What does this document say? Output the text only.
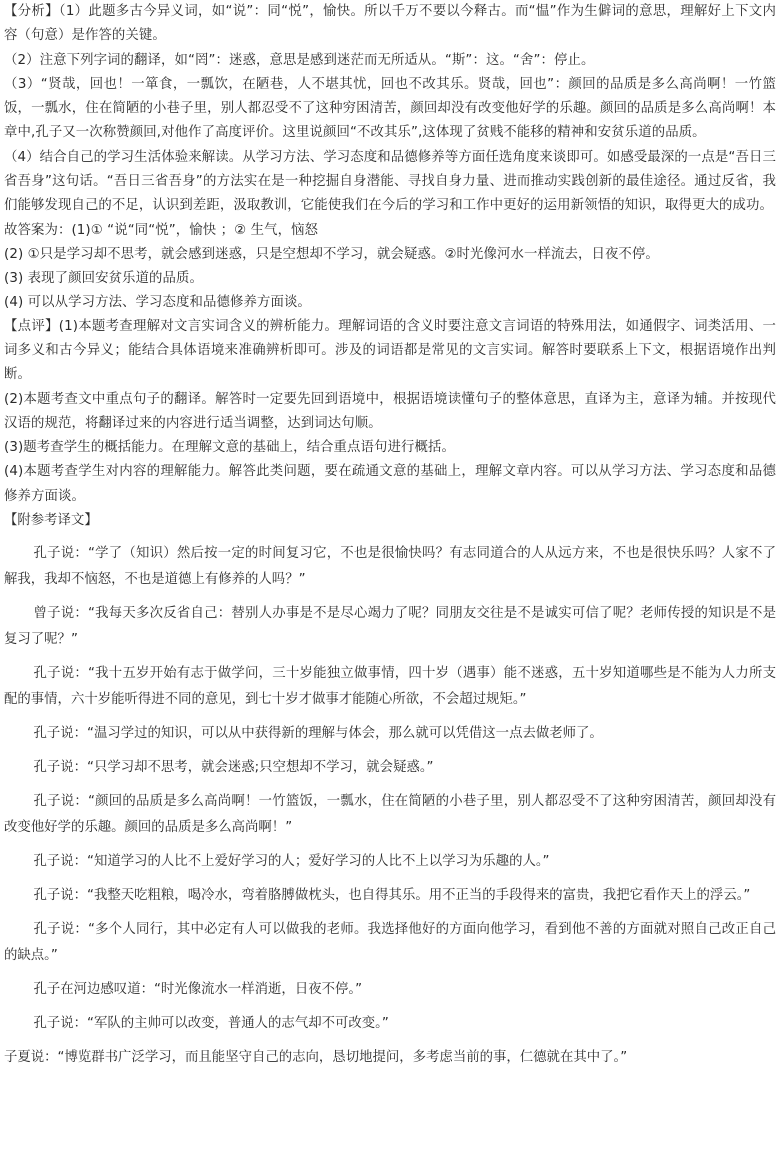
【分析】（1）此题多古今异义词，如“说”：同“悦”，愉快。所以千万不要以今释古。而“愠”作为生僻词的意思，理解好上下文内容（句意）是作答的关键。

（2）注意下列字词的翻译，如“罔”：迷惑，意思是感到迷茫而无所适从。“斯”：这。“舍”：停止。

（3）“贤哉，回也！一箪食，一瓢饮，在陋巷，人不堪其忧，回也不改其乐。贤哉，回也”：颜回的品质是多么高尚啊！一竹篮饭，一瓢水，住在简陋的小巷子里，别人都忍受不了这种穷困清苦，颜回却没有改变他好学的乐趣。颜回的品质是多么高尚啊！本章中,孔子又一次称赞颜回,对他作了高度评价。这里说颜回“不改其乐”,这体现了贫贱不能移的精神和安贫乐道的品质。

（4）结合自己的学习生活体验来解读。从学习方法、学习态度和品德修养等方面任选角度来谈即可。如感受最深的一点是“吾日三省吾身”这句话。“吾日三省吾身”的方法实在是一种挖掘自身潜能、寻找自身力量、进而推动实践创新的最佳途径。通过反省，我们能够发现自己的不足，认识到差距，汲取教训，它能使我们在今后的学习和工作中更好的运用新领悟的知识，取得更大的成功。

故答案为：(1)① “说“同“悦”，愉快 ；② 生气，恼怒

(2) ①只是学习却不思考，就会感到迷惑，只是空想却不学习，就会疑惑。②时光像河水一样流去，日夜不停。

(3) 表现了颜回安贫乐道的品质。

(4) 可以从学习方法、学习态度和品德修养方面谈。

【点评】(1)本题考查理解对文言实词含义的辨析能力。理解词语的含义时要注意文言词语的特殊用法，如通假字、词类活用、一词多义和古今异义；能结合具体语境来准确辨析即可。涉及的词语都是常见的文言实词。解答时要联系上下文，根据语境作出判断。

(2)本题考查文中重点句子的翻译。解答时一定要先回到语境中，根据语境读懂句子的整体意思，直译为主，意译为辅。并按现代汉语的规范，将翻译过来的内容进行适当调整，达到词达句顺。

(3)题考查学生的概括能力。在理解文意的基础上，结合重点语句进行概括。

(4)本题考查学生对内容的理解能力。解答此类问题，要在疏通文意的基础上，理解文章内容。可以从学习方法、学习态度和品德修养方面谈。

【附参考译文】

孔子说：“学了（知识）然后按一定的时间复习它，不也是很愉快吗？有志同道合的人从远方来，不也是很快乐吗？人家不了解我，我却不恼怒，不也是道德上有修养的人吗？”

曾子说：“我每天多次反省自己：替别人办事是不是尽心竭力了呢？同朋友交往是不是诚实可信了呢？老师传授的知识是不是复习了呢？”

孔子说：“我十五岁开始有志于做学问，三十岁能独立做事情，四十岁（遇事）能不迷惑，五十岁知道哪些是不能为人力所支配的事情，六十岁能听得进不同的意见，到七十岁才做事才能随心所欲，不会超过规矩。”

孔子说：“温习学过的知识，可以从中获得新的理解与体会，那么就可以凭借这一点去做老师了。

孔子说：“只学习却不思考，就会迷惑;只空想却不学习，就会疑惑。”

孔子说：“颜回的品质是多么高尚啊！一竹篮饭，一瓢水，住在简陋的小巷子里，别人都忍受不了这种穷困清苦，颜回却没有改变他好学的乐趣。颜回的品质是多么高尚啊！”

孔子说：“知道学习的人比不上爱好学习的人；爱好学习的人比不上以学习为乐趣的人。”

孔子说：“我整天吃粗粮，喝冷水，弯着胳膊做枕头，也自得其乐。用不正当的手段得来的富贵，我把它看作天上的浮云。”

孔子说：“多个人同行，其中必定有人可以做我的老师。我选择他好的方面向他学习，看到他不善的方面就对照自己改正自己的缺点。”

孔子在河边感叹道：“时光像流水一样消逝，日夜不停。”

孔子说：“军队的主帅可以改变，普通人的志气却不可改变。”

子夏说：“博览群书广泛学习，而且能坚守自己的志向，恳切地提问，多考虑当前的事，仁德就在其中了。”
